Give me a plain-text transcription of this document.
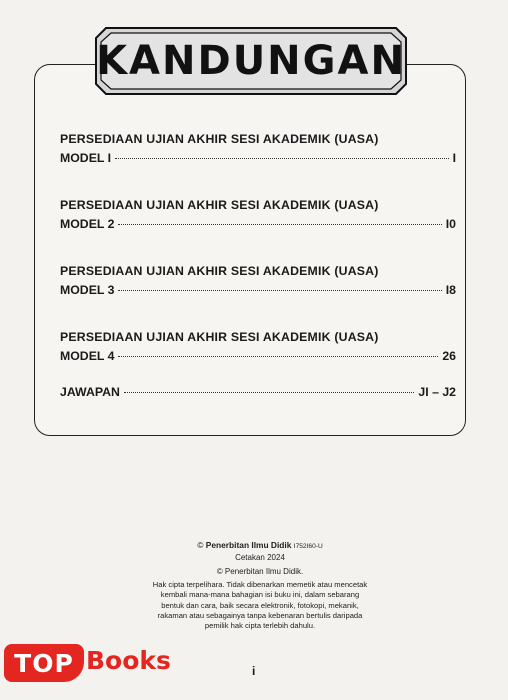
KANDUNGAN
PERSEDIAAN UJIAN AKHIR SESI AKADEMIK (UASA)
MODEL I	I
PERSEDIAAN UJIAN AKHIR SESI AKADEMIK (UASA)
MODEL 2	I0
PERSEDIAAN UJIAN AKHIR SESI AKADEMIK (UASA)
MODEL 3	I8
PERSEDIAAN UJIAN AKHIR SESI AKADEMIK (UASA)
MODEL 4	26
JAWAPAN	JI – J2
© Penerbitan Ilmu Didik I752I60-U
Cetakan 2024
© Penerbitan Ilmu Didik.
Hak cipta terpelihara. Tidak dibenarkan memetik atau mencetak
kembali mana-mana bahagian isi buku ini, dalam sebarang
bentuk dan cara, baik secara elektronik, fotokopi, mekanik,
rakaman atau sebagainya tanpa kebenaran bertulis daripada
pemilik hak cipta terlebih dahulu.
i
TOP Books
